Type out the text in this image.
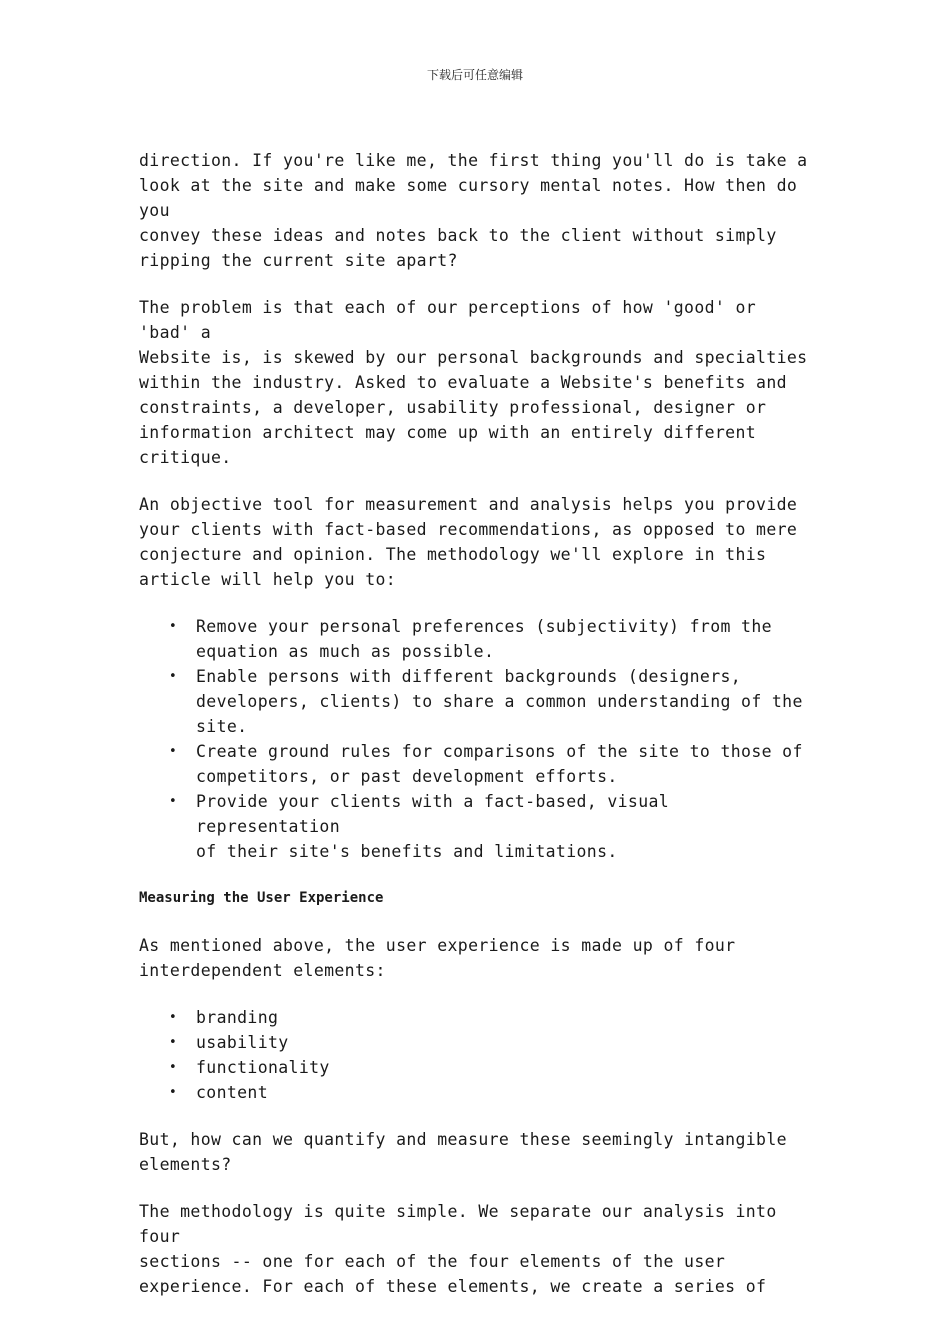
下载后可任意编辑

direction. If you're like me, the first thing you'll do is take a
look at the site and make some cursory mental notes. How then do you
convey these ideas and notes back to the client without simply
ripping the current site apart?

The problem is that each of our perceptions of how 'good' or 'bad' a
Website is, is skewed by our personal backgrounds and specialties
within the industry. Asked to evaluate a Website's benefits and
constraints, a developer, usability professional, designer or
information architect may come up with an entirely different
critique.

An objective tool for measurement and analysis helps you provide
your clients with fact-based recommendations, as opposed to mere
conjecture and opinion. The methodology we'll explore in this
article will help you to:

• Remove your personal preferences (subjectivity) from the
equation as much as possible.
• Enable persons with different backgrounds (designers,
developers, clients) to share a common understanding of the
site.
• Create ground rules for comparisons of the site to those of
competitors, or past development efforts.
• Provide your clients with a fact-based, visual representation
of their site's benefits and limitations.
Measuring the User Experience

As mentioned above, the user experience is made up of four
interdependent elements:

• branding
• usability
• functionality
• content

But, how can we quantify and measure these seemingly intangible
elements?

The methodology is quite simple. We separate our analysis into four
sections -- one for each of the four elements of the user
experience. For each of these elements, we create a series of
